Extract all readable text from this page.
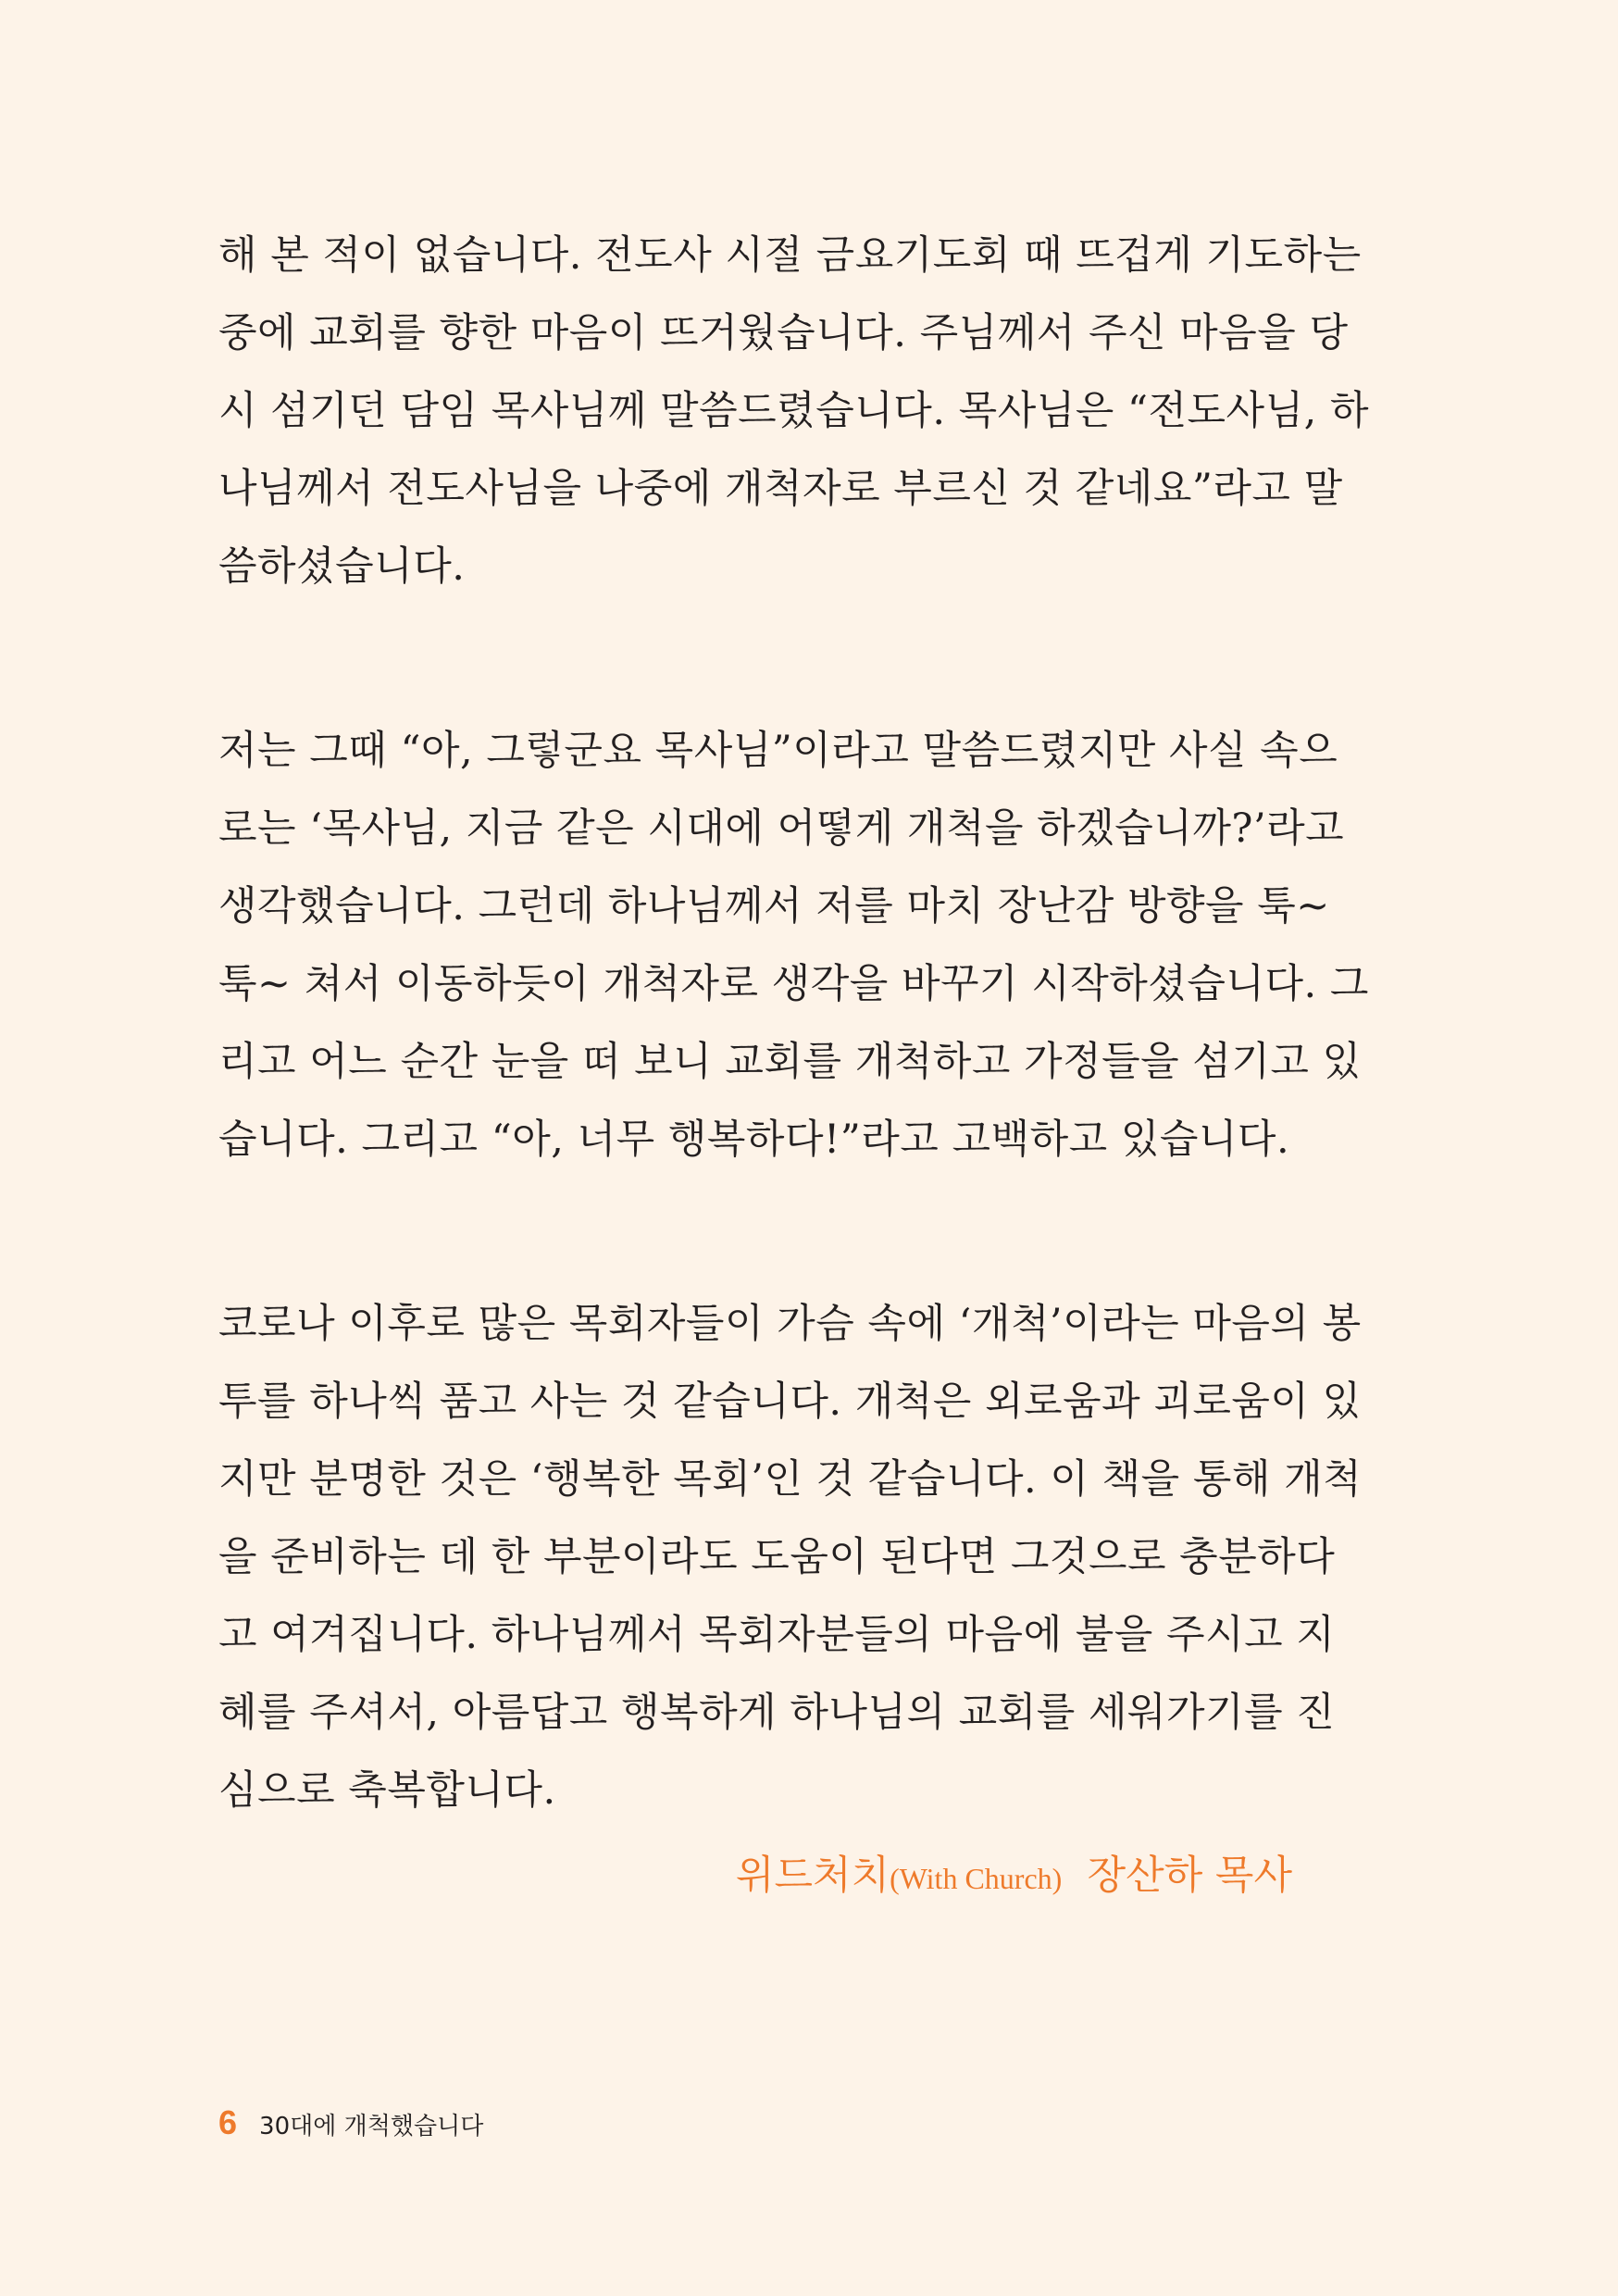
해 본 적이 없습니다. 전도사 시절 금요기도회 때 뜨겁게 기도하는
중에 교회를 향한 마음이 뜨거웠습니다. 주님께서 주신 마음을 당
시 섬기던 담임 목사님께 말씀드렸습니다. 목사님은 “전도사님, 하
나님께서 전도사님을 나중에 개척자로 부르신 것 같네요”라고 말
씀하셨습니다.
저는 그때 “아, 그렇군요 목사님”이라고 말씀드렸지만 사실 속으
로는 ‘목사님, 지금 같은 시대에 어떻게 개척을 하겠습니까?’라고
생각했습니다. 그런데 하나님께서 저를 마치 장난감 방향을 툭~
툭~ 쳐서 이동하듯이 개척자로 생각을 바꾸기 시작하셨습니다. 그
리고 어느 순간 눈을 떠 보니 교회를 개척하고 가정들을 섬기고 있
습니다. 그리고 “아, 너무 행복하다!”라고 고백하고 있습니다.
코로나 이후로 많은 목회자들이 가슴 속에 ‘개척’이라는 마음의 봉
투를 하나씩 품고 사는 것 같습니다. 개척은 외로움과 괴로움이 있
지만 분명한 것은 ‘행복한 목회’인 것 같습니다. 이 책을 통해 개척
을 준비하는 데 한 부분이라도 도움이 된다면 그것으로 충분하다
고 여겨집니다. 하나님께서 목회자분들의 마음에 불을 주시고 지
혜를 주셔서, 아름답고 행복하게 하나님의 교회를 세워가기를 진
심으로 축복합니다.
위드처치(With Church) 장산하 목사
6 30대에 개척했습니다
